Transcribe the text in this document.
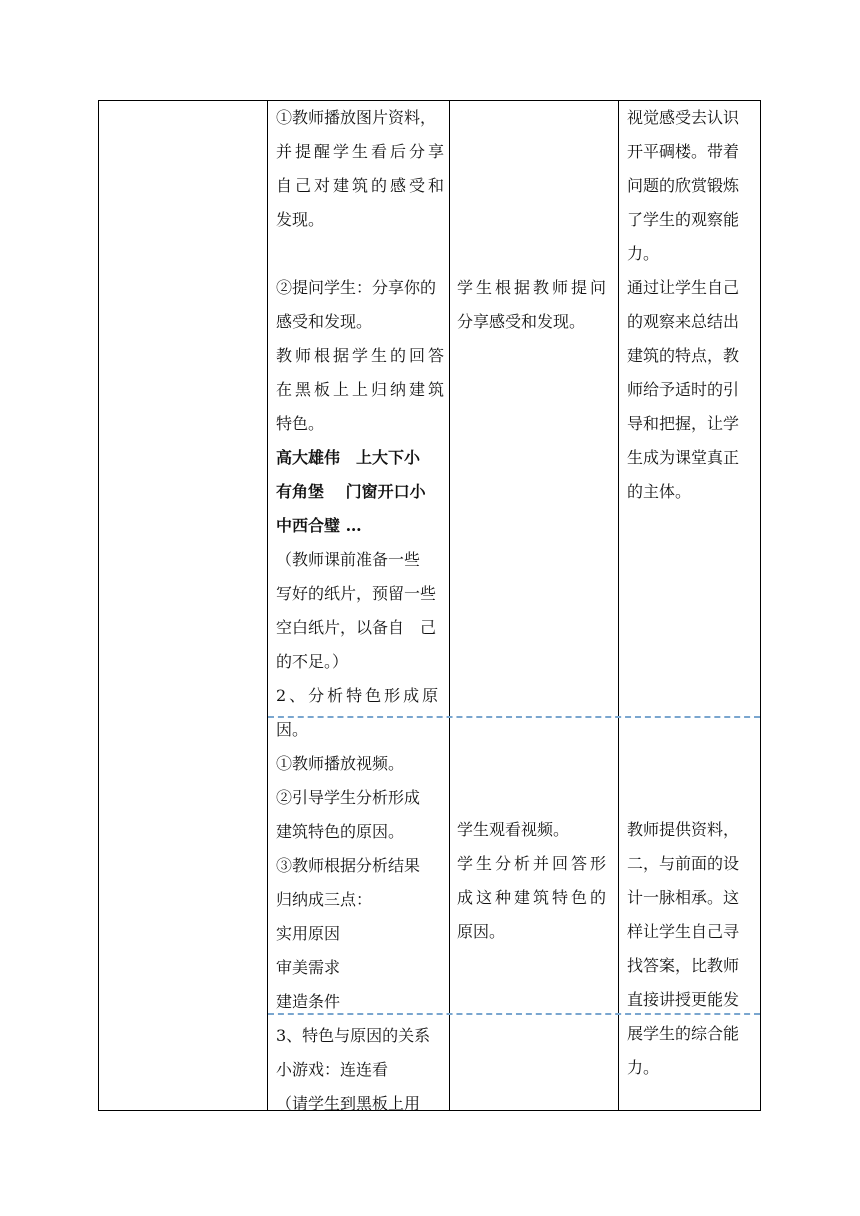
①教师播放图片资料，

并提醒学生看后分享

自己对建筑的感受和

发现。

②提问学生：分享你的

感受和发现。

教师根据学生的回答

在黑板上上归纳建筑

特色。

高大雄伟　上大下小

有角堡　 门窗开口小

中西合璧 …

（教师课前准备一些

写好的纸片，预留一些

空白纸片，以备自　己

的不足。）

2、分析特色形成原

因。

①教师播放视频。

②引导学生分析形成

建筑特色的原因。

③教师根据分析结果

归纳成三点：

实用原因

审美需求

建造条件

3、特色与原因的关系

小游戏：连连看

（请学生到黑板上用

学生根据教师提问

分享感受和发现。

学生观看视频。

学生分析并回答形

成这种建筑特色的

原因。

视觉感受去认识

开平碉楼。带着

问题的欣赏锻炼

了学生的观察能

力。

通过让学生自己

的观察来总结出

建筑的特点，教

师给予适时的引

导和把握，让学

生成为课堂真正

的主体。

教师提供资料，

二，与前面的设

计一脉相承。这

样让学生自己寻

找答案，比教师

直接讲授更能发

展学生的综合能

力。
